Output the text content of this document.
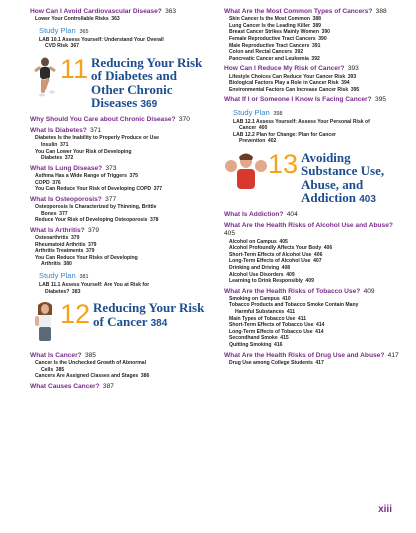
How Can I Avoid Cardiovascular Disease?  363
Lower Your Controllable Risks  363
Study Plan  365
LAB 10.1 Assess Yourself: Understand Your Overall
CVD Risk  367
11 Reducing Your Risk of Diabetes and Other Chronic Diseases 369
Why Should You Care about Chronic Disease?  370
What Is Diabetes?  371
Diabetes Is the Inability to Properly Produce or Use
Insulin  371
You Can Lower Your Risk of Developing
Diabetes  372
What Is Lung Disease?  373
Asthma Has a Wide Range of Triggers  375
COPD  376
You Can Reduce Your Risk of Developing COPD  377
What Is Osteoporosis?  377
Osteoporosis Is Characterized by Thinning, Brittle
Bones  377
Reduce Your Risk of Developing Osteoporosis  378
What Is Arthritis?  379
Osteoarthritis  379
Rheumatoid Arthritis  379
Arthritis Treatments  379
You Can Reduce Your Risks of Developing
Arthritis  380
Study Plan  381
LAB 11.1 Assess Yourself: Are You at Risk for
Diabetes?  383
12 Reducing Your Risk of Cancer 384
What Is Cancer?  385
Cancer Is the Unchecked Growth of Abnormal
Cells  385
Cancers Are Assigned Classes and Stages  386
What Causes Cancer?  387
What Are the Most Common Types of Cancers?  388
Skin Cancer Is the Most Common  388
Lung Cancer Is the Leading Killer  389
Breast Cancer Strikes Mainly Women  390
Female Reproductive Tract Cancers  390
Male Reproductive Tract Cancers  391
Colon and Rectal Cancers  392
Pancreatic Cancer and Leukemia  392
How Can I Reduce My Risk of Cancer?  393
Lifestyle Choices Can Reduce Your Cancer Risk  393
Biological Factors Play a Role in Cancer Risk  394
Environmental Factors Can Increase Cancer Risk  395
What If I or Someone I Know Is Facing Cancer?  395
Study Plan  398
LAB 12.1 Assess Yourself: Assess Your Personal Risk of
Cancer  400
LAB 12.2 Plan for Change: Plan for Cancer
Prevention  402
13 Avoiding Substance Use, Abuse, and Addiction 403
What Is Addiction?  404
What Are the Health Risks of Alcohol Use and Abuse? 405
Alcohol on Campus  405
Alcohol Profoundly Affects Your Body  406
Short-Term Effects of Alcohol Use  406
Long-Term Effects of Alcohol Use  407
Drinking and Driving  408
Alcohol Use Disorders  409
Learning to Drink Responsibly  409
What Are the Health Risks of Tobacco Use?  409
Smoking on Campus  410
Tobacco Products and Tobacco Smoke Contain Many
Harmful Substances  411
Main Types of Tobacco Use  411
Short-Term Effects of Tobacco Use  414
Long-Term Effects of Tobacco Use  414
Secondhand Smoke  415
Quitting Smoking  416
What Are the Health Risks of Drug Use and Abuse?  417
Drug Use among College Students  417
xiii
